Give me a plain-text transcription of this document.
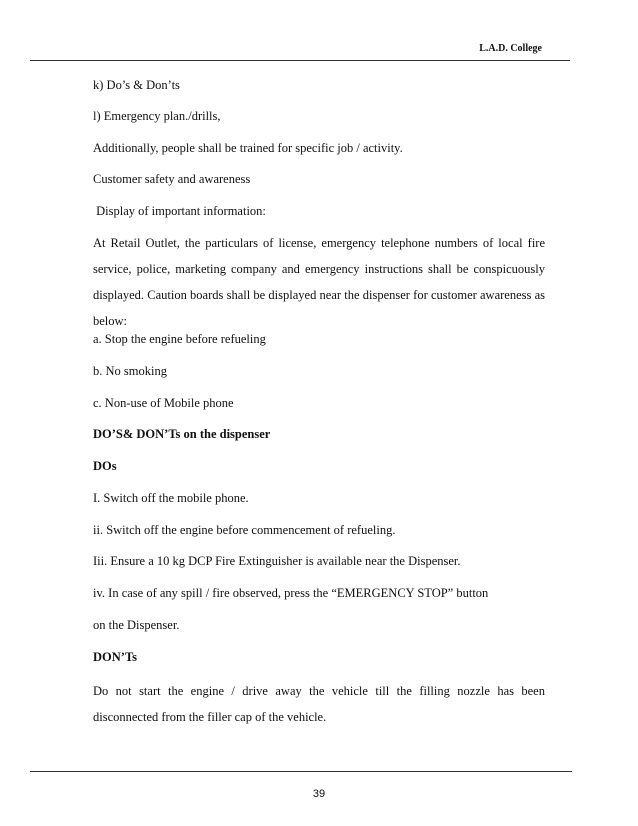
L.A.D. College
k) Do’s & Don’ts
l) Emergency plan./drills,
Additionally, people shall be trained for specific job / activity.
Customer safety and awareness
Display of important information:
At Retail Outlet, the particulars of license, emergency telephone numbers of local fire service, police, marketing company and emergency instructions shall be conspicuously displayed. Caution boards shall be displayed near the dispenser for customer awareness as below:
a. Stop the engine before refueling
b. No smoking
c. Non-use of Mobile phone
DO’S& DON’Ts on the dispenser
DOs
I. Switch off the mobile phone.
ii. Switch off the engine before commencement of refueling.
Iii. Ensure a 10 kg DCP Fire Extinguisher is available near the Dispenser.
iv. In case of any spill / fire observed, press the “EMERGENCY STOP” button
on the Dispenser.
DON’Ts
Do not start the engine / drive away the vehicle till the filling nozzle has been disconnected from the filler cap of the vehicle.
39
